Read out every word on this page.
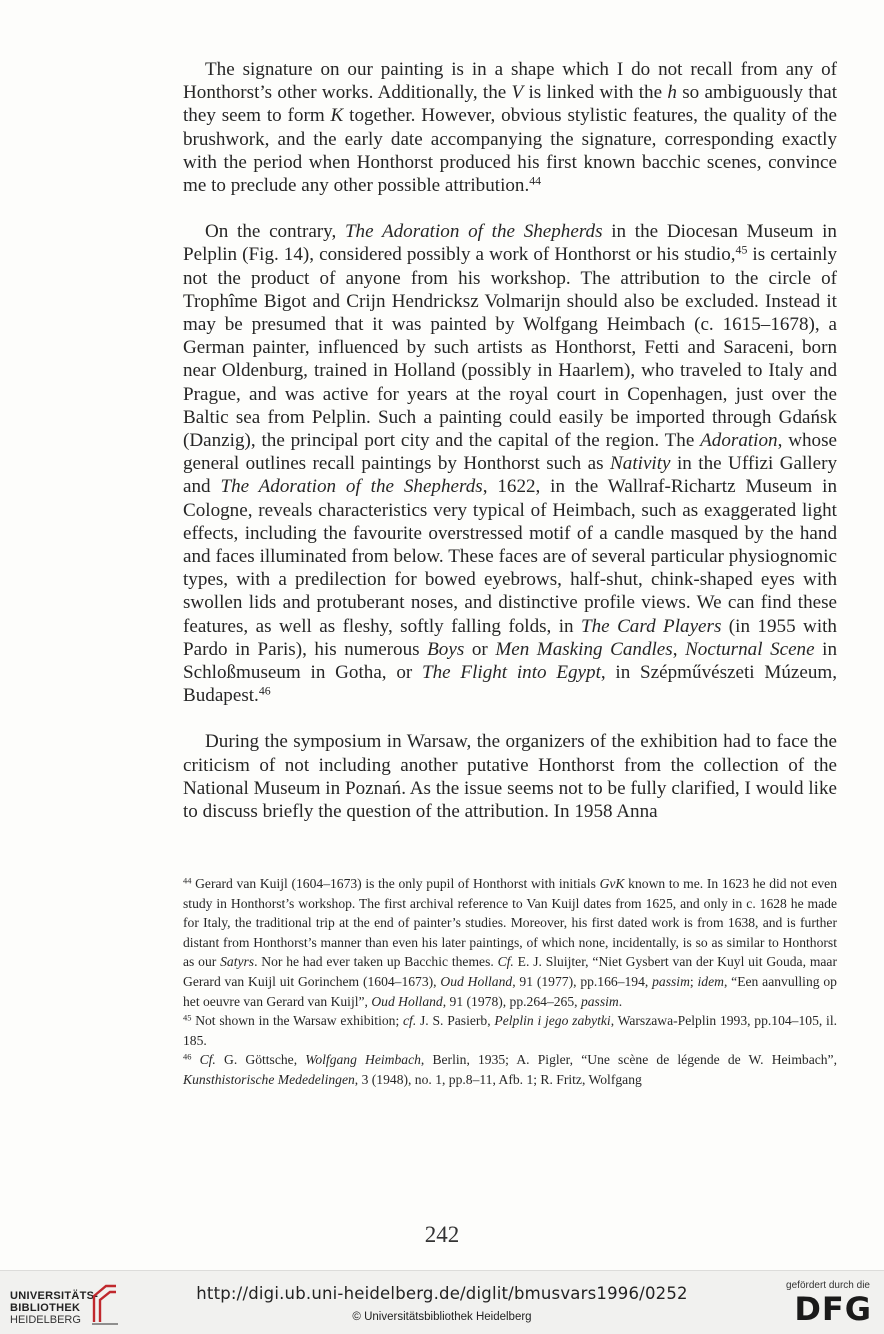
The signature on our painting is in a shape which I do not recall from any of Honthorst’s other works. Additionally, the V is linked with the h so ambiguously that they seem to form K together. However, obvious stylistic features, the quality of the brushwork, and the early date accompanying the signature, corresponding exactly with the period when Honthorst produced his first known bacchic scenes, convince me to preclude any other possible attribution.$^{44}$

On the contrary, The Adoration of the Shepherds in the Diocesan Museum in Pelplin (Fig. 14), considered possibly a work of Honthorst or his studio,$^{45}$ is certainly not the product of anyone from his workshop. The attribution to the circle of Trophîme Bigot and Crijn Hendricksz Volmarijn should also be excluded. Instead it may be presumed that it was painted by Wolfgang Heimbach (c. 1615–1678), a German painter, influenced by such artists as Honthorst, Fetti and Saraceni, born near Oldenburg, trained in Holland (possibly in Haarlem), who traveled to Italy and Prague, and was active for years at the royal court in Copenhagen, just over the Baltic sea from Pelplin. Such a painting could easily be imported through Gdańsk (Danzig), the principal port city and the capital of the region. The Adoration, whose general outlines recall paintings by Honthorst such as Nativity in the Uffizi Gallery and The Adoration of the Shepherds, 1622, in the Wallraf-Richartz Museum in Cologne, reveals characteristics very typical of Heimbach, such as exaggerated light effects, including the favourite overstressed motif of a candle masqued by the hand and faces illuminated from below. These faces are of several particular physiognomic types, with a predilection for bowed eyebrows, half-shut, chink-shaped eyes with swollen lids and protuberant noses, and distinctive profile views. We can find these features, as well as fleshy, softly falling folds, in The Card Players (in 1955 with Pardo in Paris), his numerous Boys or Men Masking Candles, Nocturnal Scene in Schloßmuseum in Gotha, or The Flight into Egypt, in Szépművészeti Múzeum, Budapest.$^{46}$

During the symposium in Warsaw, the organizers of the exhibition had to face the criticism of not including another putative Honthorst from the collection of the National Museum in Poznań. As the issue seems not to be fully clarified, I would like to discuss briefly the question of the attribution. In 1958 Anna

$^{44}$ Gerard van Kuijl (1604–1673) is the only pupil of Honthorst with initials GvK known to me. In 1623 he did not even study in Honthorst’s workshop. The first archival reference to Van Kuijl dates from 1625, and only in c. 1628 he made for Italy, the traditional trip at the end of painter’s studies. Moreover, his first dated work is from 1638, and is further distant from Honthorst’s manner than even his later paintings, of which none, incidentally, is so as similar to Honthorst as our Satyrs. Nor he had ever taken up Bacchic themes. Cf. E. J. Sluijter, “Niet Gysbert van der Kuyl uit Gouda, maar Gerard van Kuijl uit Gorinchem (1604–1673), Oud Holland, 91 (1977), pp.166–194, passim; idem, “Een aanvulling op het oeuvre van Gerard van Kuijl”, Oud Holland, 91 (1978), pp.264–265, passim.

$^{45}$ Not shown in the Warsaw exhibition; cf. J. S. Pasierb, Pelplin i jego zabytki, Warszawa-Pelplin 1993, pp.104–105, il. 185.

$^{46}$ Cf. G. Göttsche, Wolfgang Heimbach, Berlin, 1935; A. Pigler, “Une scène de légende de W. Heimbach”, Kunsthistorische Mededelingen, 3 (1948), no. 1, pp.8–11, Afb. 1; R. Fritz, Wolfgang

242
UNIVERSITÄTS-
BIBLIOTHEK
HEIDELBERG
http://digi.ub.uni-heidelberg.de/diglit/bmusvars1996/0252
© Universitätsbibliothek Heidelberg
gefördert durch die
DFG
